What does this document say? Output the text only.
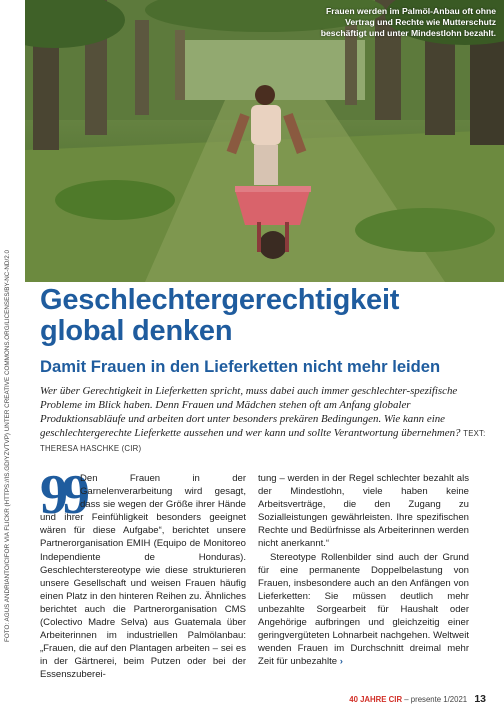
Frauen werden im Palmöl-Anbau oft ohne Vertrag und Rechte wie Mutterschutz beschäftigt und unter Mindestlohn bezahlt.
FOTO: AGUS ANDRIANTO/CIFOR VIA FLICKR (HTTPS://IS.GD/YZVTVP) UNTER CREATIVE COMMONS.ORG/LICENSES/BY-NC-ND/2.0 Geschlechtergerechtigkeit
global denken
Damit Frauen in den Lieferketten nicht mehr leiden

Wer über Gerechtigkeit in Lieferketten spricht, muss dabei auch immer geschlechter-spezifische Probleme im Blick haben. Denn Frauen und Mädchen stehen oft am Anfang globaler Produktionsabläufe und arbeiten dort unter besonders prekären Bedingungen. Wie kann eine geschlechtergerechte Lieferkette aussehen und wer kann und sollte Verantwortung übernehmen? TEXT: THERESA HASCHKE (CIR)

99
Den Frauen in der Garnelenverarbeitung wird gesagt, dass sie wegen der Größe ihrer Hände und ihrer Feinfühligkeit besonders geeignet wären für diese Aufgabe“, berichtet unsere Partnerorganisation EMIH (Equipo de Monitoreo Independiente de Honduras). Geschlechterstereotype wie diese strukturieren unsere Gesellschaft und weisen Frauen häufig einen Platz in den hinteren Reihen zu. Ähnliches berichtet auch die Partnerorganisation CMS (Colectivo Madre Selva) aus Guatemala über Arbeiterinnen im industriellen Palmölanbau: „Frauen, die auf den Plantagen arbeiten – sei es in der Gärtnerei, beim Putzen oder bei der Essenszuberei-

tung – werden in der Regel schlechter bezahlt als der Mindestlohn, viele haben keine Arbeitsverträge, die den Zugang zu Sozialleistungen gewährleisten. Ihre spezifischen Rechte und Bedürfnisse als Arbeiterinnen werden nicht anerkannt.“
Stereotype Rollenbilder sind auch der Grund für eine permanente Doppelbelastung von Frauen, insbesondere auch an den Anfängen von Lieferketten: Sie müssen deutlich mehr unbezahlte Sorgearbeit für Haushalt oder Angehörige aufbringen und gleichzeitig einer geringvergüteten Lohnarbeit nachgehen. Weltweit wenden Frauen im Durchschnitt dreimal mehr Zeit für unbezahlte ›
40 JAHRE CIR – presente 1/2021 13
